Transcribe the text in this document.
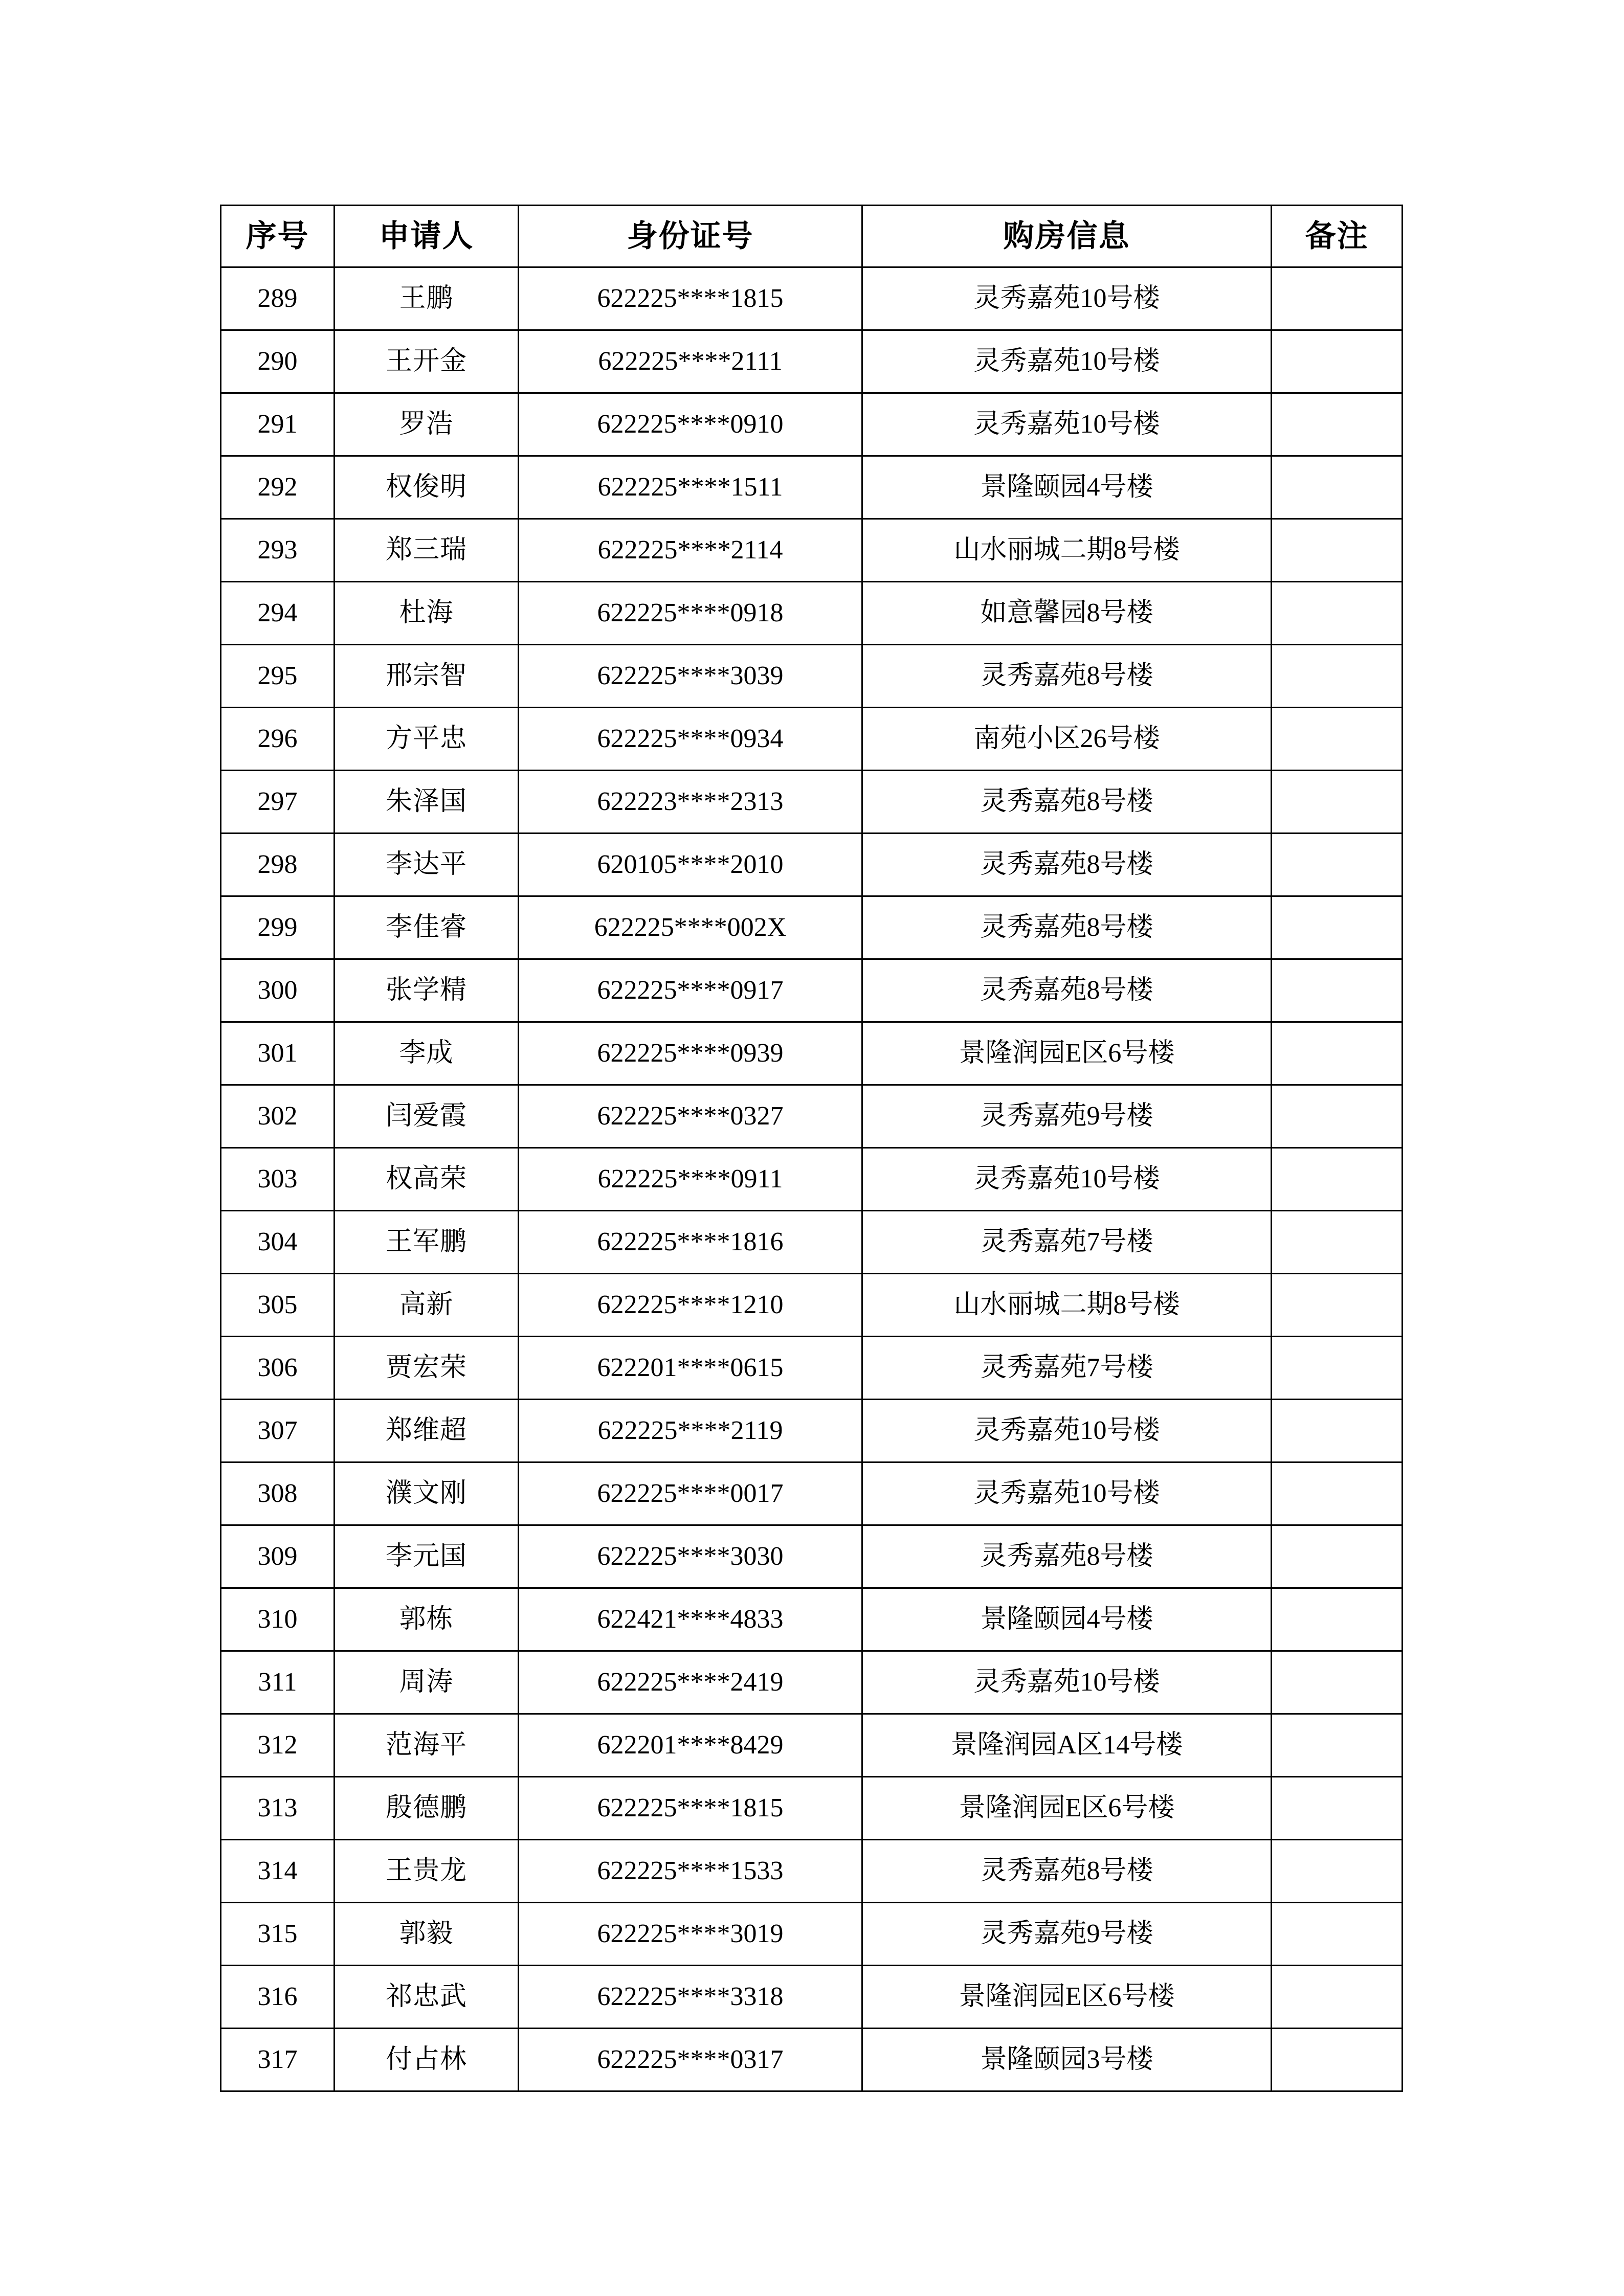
序号	申请人	身份证号	购房信息	备注
289	王鹏	622225****1815	灵秀嘉苑10号楼	
290	王开金	622225****2111	灵秀嘉苑10号楼	
291	罗浩	622225****0910	灵秀嘉苑10号楼	
292	权俊明	622225****1511	景隆颐园4号楼	
293	郑三瑞	622225****2114	山水丽城二期8号楼	
294	杜海	622225****0918	如意馨园8号楼	
295	邢宗智	622225****3039	灵秀嘉苑8号楼	
296	方平忠	622225****0934	南苑小区26号楼	
297	朱泽国	622223****2313	灵秀嘉苑8号楼	
298	李达平	620105****2010	灵秀嘉苑8号楼	
299	李佳睿	622225****002X	灵秀嘉苑8号楼	
300	张学精	622225****0917	灵秀嘉苑8号楼	
301	李成	622225****0939	景隆润园E区6号楼	
302	闫爱霞	622225****0327	灵秀嘉苑9号楼	
303	权高荣	622225****0911	灵秀嘉苑10号楼	
304	王军鹏	622225****1816	灵秀嘉苑7号楼	
305	高新	622225****1210	山水丽城二期8号楼	
306	贾宏荣	622201****0615	灵秀嘉苑7号楼	
307	郑维超	622225****2119	灵秀嘉苑10号楼	
308	濮文刚	622225****0017	灵秀嘉苑10号楼	
309	李元国	622225****3030	灵秀嘉苑8号楼	
310	郭栋	622421****4833	景隆颐园4号楼	
311	周涛	622225****2419	灵秀嘉苑10号楼	
312	范海平	622201****8429	景隆润园A区14号楼	
313	殷德鹏	622225****1815	景隆润园E区6号楼	
314	王贵龙	622225****1533	灵秀嘉苑8号楼	
315	郭毅	622225****3019	灵秀嘉苑9号楼	
316	祁忠武	622225****3318	景隆润园E区6号楼	
317	付占林	622225****0317	景隆颐园3号楼	
